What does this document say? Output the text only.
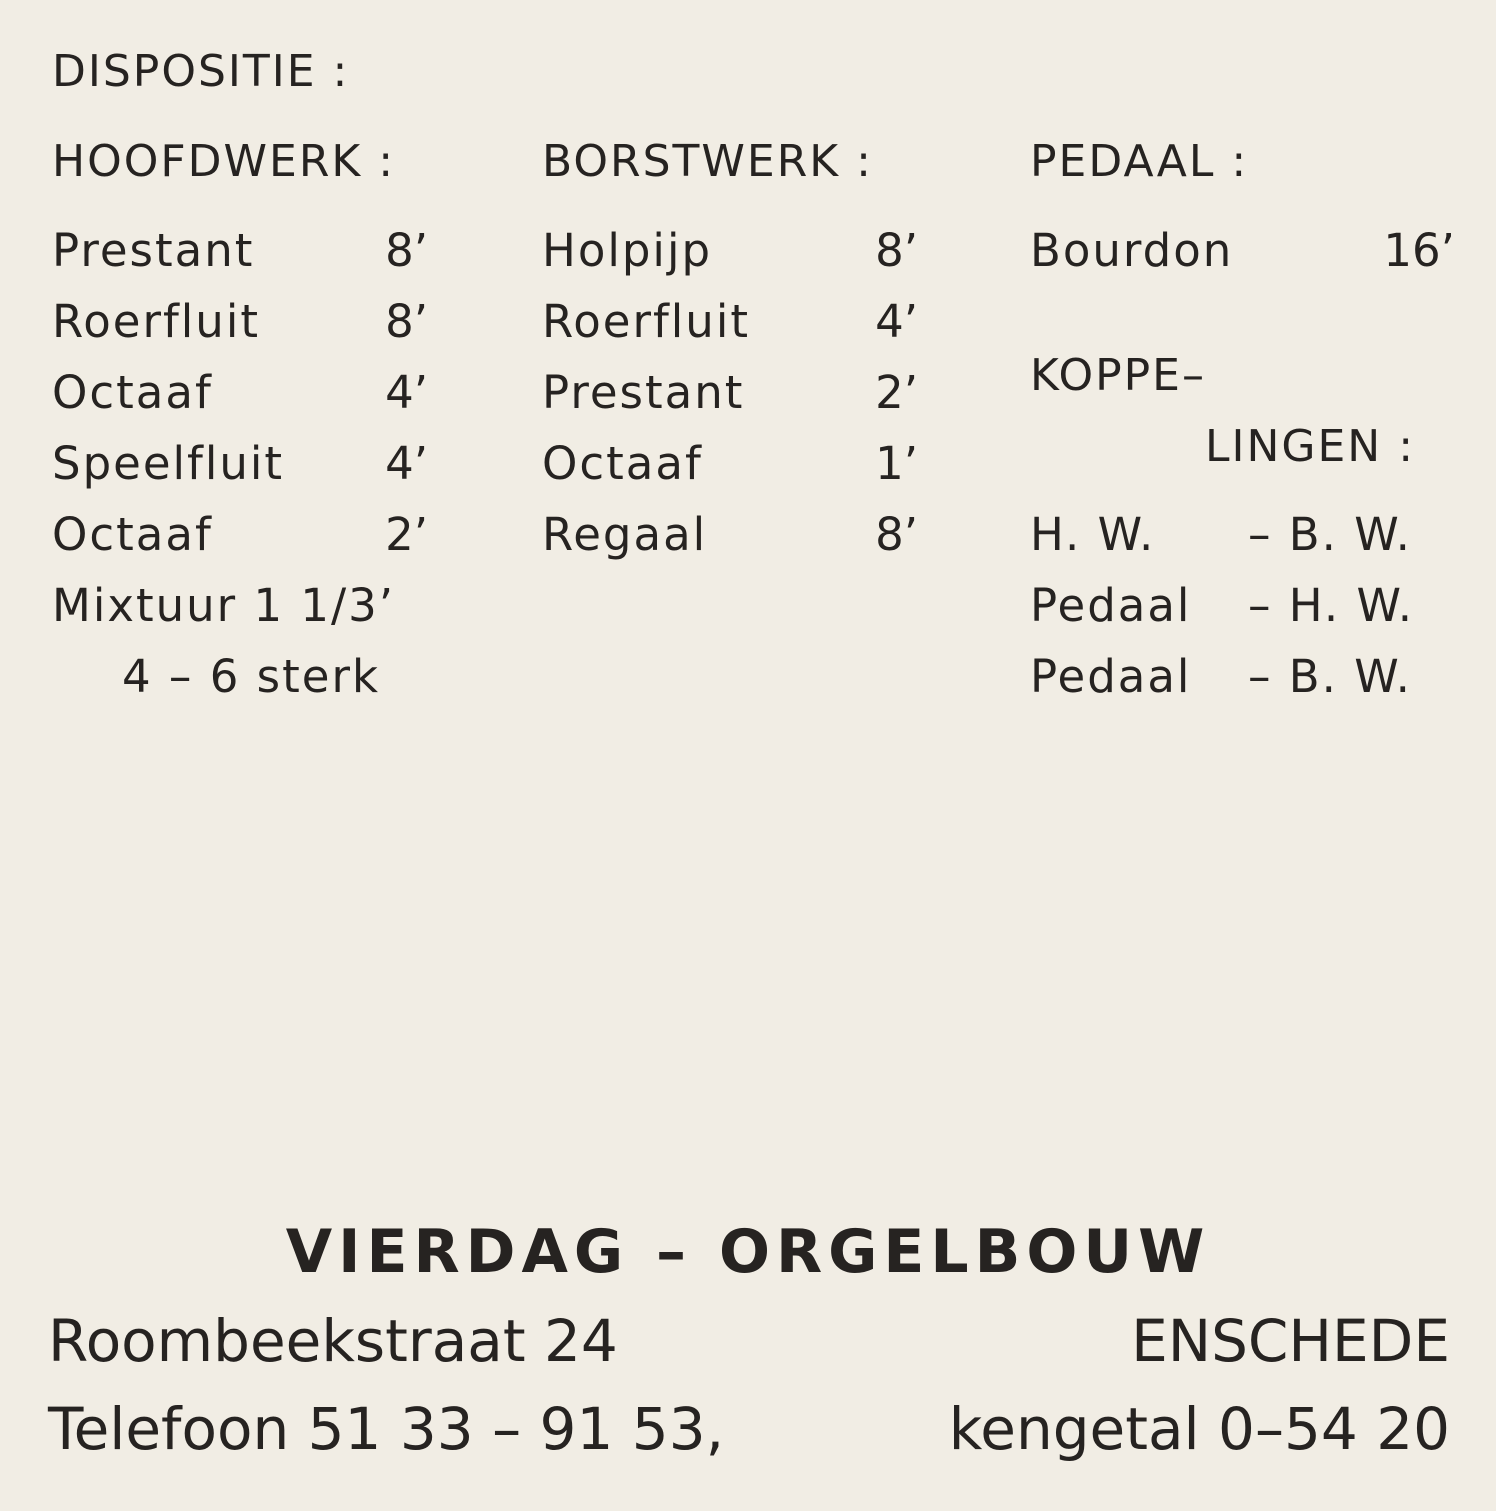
DISPOSITIE :
HOOFDWERK :
Prestant	8’
Roerfluit	8’
Octaaf	4’
Speelfluit	4’
Octaaf	2’
Mixtuur 1 1/3’
4 – 6 sterk
BORSTWERK :
Holpijp	8’
Roerfluit	4’
Prestant	2’
Octaaf	1’
Regaal	8’
PEDAAL :
Bourdon	16’
KOPPE–
LINGEN :
H. W. – B. W.
Pedaal – H. W.
Pedaal – B. W.
VIERDAG – ORGELBOUW
Roombeekstraat 24	ENSCHEDE
Telefoon 51 33 – 91 53,	kengetal 0–54 20
